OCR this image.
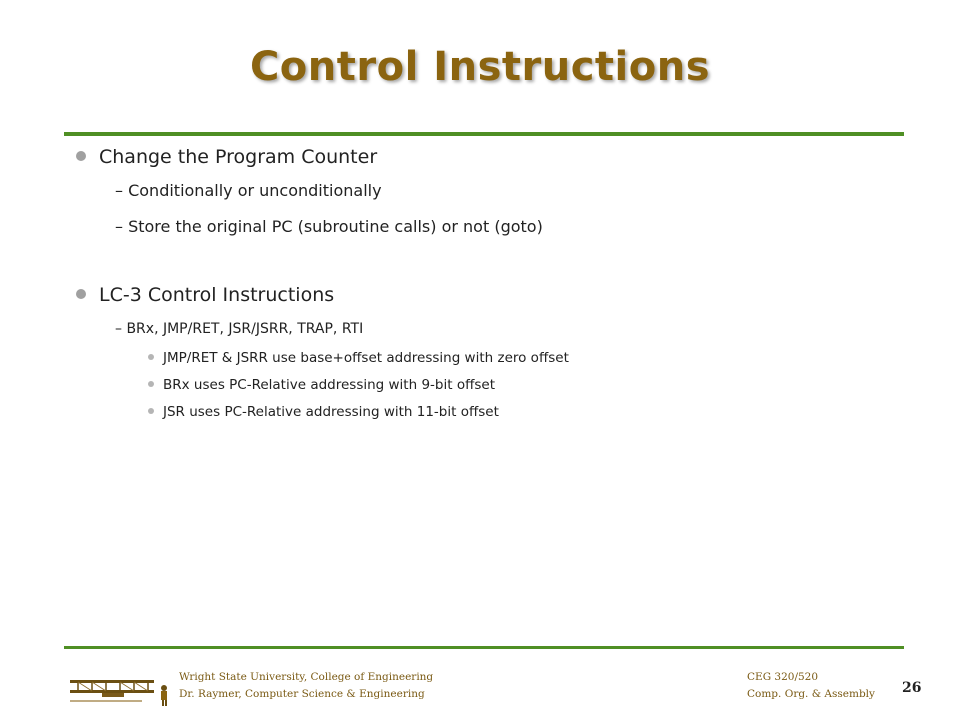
Control Instructions
Change the Program Counter
– Conditionally or unconditionally
– Store the original PC (subroutine calls) or not (goto)
LC-3 Control Instructions
– BRx, JMP/RET, JSR/JSRR, TRAP, RTI
JMP/RET & JSRR use base+offset addressing with zero offset
BRx uses PC-Relative addressing with 9-bit offset
JSR uses PC-Relative addressing with 11-bit offset
Wright State University, College of Engineering
Dr. Raymer, Computer Science & Engineering
CEG 320/520
Comp. Org. & Assembly 26
